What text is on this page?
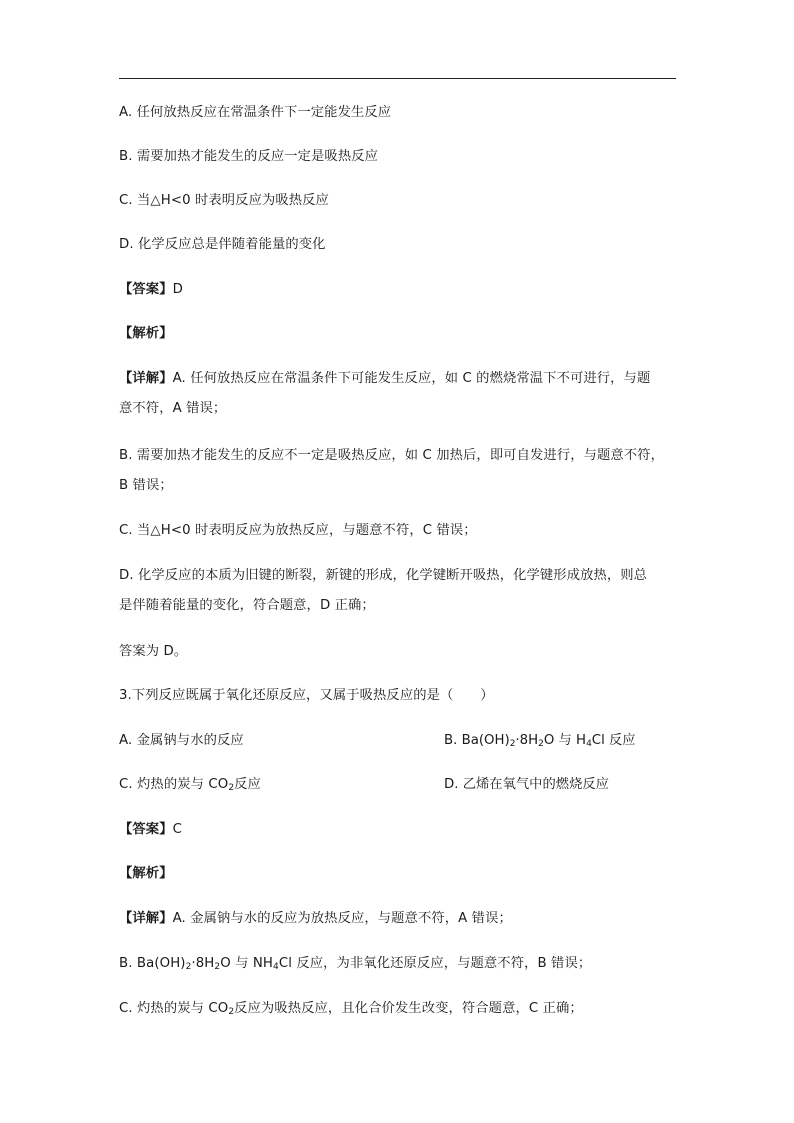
A. 任何放热反应在常温条件下一定能发生反应
B. 需要加热才能发生的反应一定是吸热反应
C. 当△H<0 时表明反应为吸热反应
D. 化学反应总是伴随着能量的变化
【答案】D
【解析】
【详解】A. 任何放热反应在常温条件下可能发生反应，如 C 的燃烧常温下不可进行，与题
意不符，A 错误；
B. 需要加热才能发生的反应不一定是吸热反应，如 C 加热后，即可自发进行，与题意不符，
B 错误；
C. 当△H<0 时表明反应为放热反应，与题意不符，C 错误；
D. 化学反应的本质为旧键的断裂，新键的形成，化学键断开吸热，化学键形成放热，则总
是伴随着能量的变化，符合题意，D 正确；
答案为 D。
3.下列反应既属于氧化还原反应，又属于吸热反应的是（　　）
A. 金属钠与水的反应	B. $Ba(OH)_2\cdot 8H_2O$ 与 $H_4Cl$ 反应
C. 灼热的炭与 $CO_2$反应	D. 乙烯在氧气中的燃烧反应
【答案】C
【解析】
【详解】A. 金属钠与水的反应为放热反应，与题意不符，A 错误；
B. $Ba(OH)_2\cdot 8H_2O$ 与 $NH_4Cl$ 反应，为非氧化还原反应，与题意不符，B 错误；
C. 灼热的炭与 $CO_2$反应为吸热反应，且化合价发生改变，符合题意，C 正确；
